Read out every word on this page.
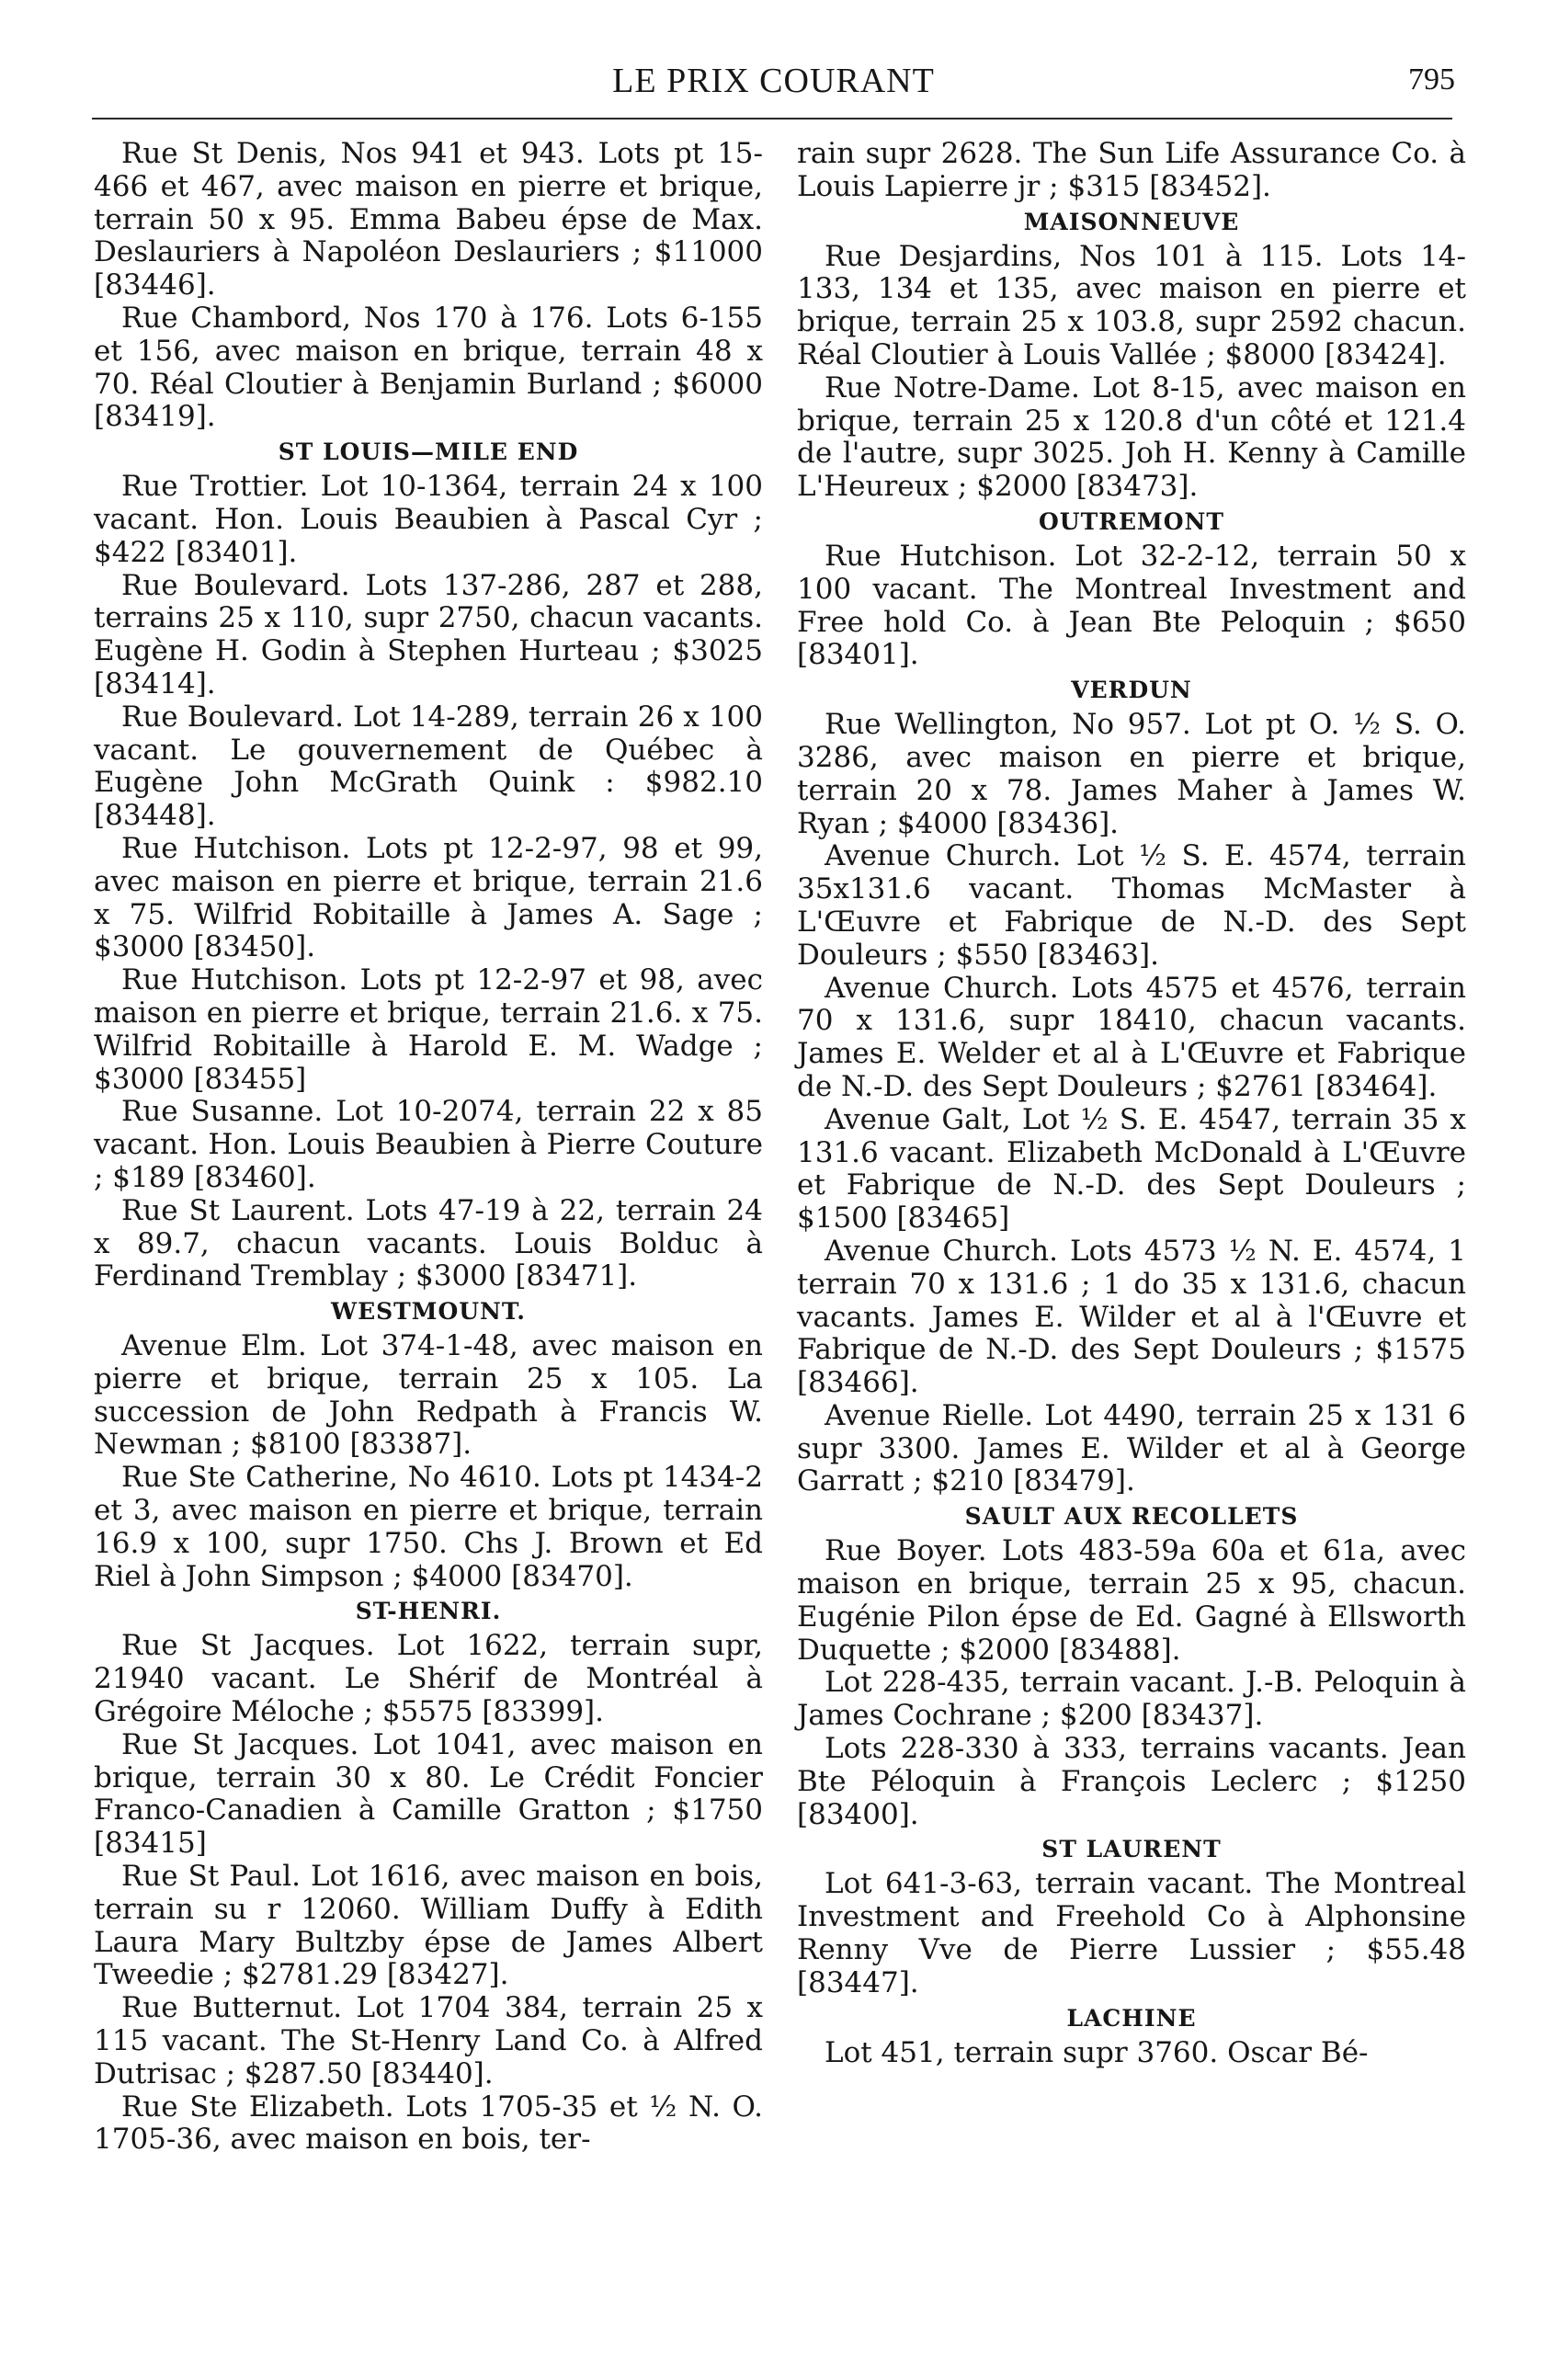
LE PRIX COURANT	795

Rue St Denis, Nos 941 et 943. Lots pt 15-466 et 467, avec maison en pierre et brique, terrain 50 x 95. Emma Babeu épse de Max. Deslauriers à Napoléon Deslauriers ; $11000 [83446].

Rue Chambord, Nos 170 à 176. Lots 6-155 et 156, avec maison en brique, terrain 48 x 70. Réal Cloutier à Benjamin Burland ; $6000 [83419].

ST LOUIS—MILE END

Rue Trottier. Lot 10-1364, terrain 24 x 100 vacant. Hon. Louis Beaubien à Pascal Cyr ; $422 [83401].

Rue Boulevard. Lots 137-286, 287 et 288, terrains 25 x 110, supr 2750, chacun vacants. Eugène H. Godin à Stephen Hurteau ; $3025 [83414].

Rue Boulevard. Lot 14-289, terrain 26 x 100 vacant. Le gouvernement de Québec à Eugène John McGrath Quink : $982.10 [83448].

Rue Hutchison. Lots pt 12-2-97, 98 et 99, avec maison en pierre et brique, terrain 21.6 x 75. Wilfrid Robitaille à James A. Sage ; $3000 [83450].

Rue Hutchison. Lots pt 12-2-97 et 98, avec maison en pierre et brique, terrain 21.6. x 75. Wilfrid Robitaille à Harold E. M. Wadge ; $3000 [83455]

Rue Susanne. Lot 10-2074, terrain 22 x 85 vacant. Hon. Louis Beaubien à Pierre Couture ; $189 [83460].

Rue St Laurent. Lots 47-19 à 22, terrain 24 x 89.7, chacun vacants. Louis Bolduc à Ferdinand Tremblay ; $3000 [83471].

WESTMOUNT.

Avenue Elm. Lot 374-1-48, avec maison en pierre et brique, terrain 25 x 105. La succession de John Redpath à Francis W. Newman ; $8100 [83387].

Rue Ste Catherine, No 4610. Lots pt 1434-2 et 3, avec maison en pierre et brique, terrain 16.9 x 100, supr 1750. Chs J. Brown et Ed Riel à John Simpson ; $4000 [83470].

ST-HENRI.

Rue St Jacques. Lot 1622, terrain supr, 21940 vacant. Le Shérif de Montréal à Grégoire Méloche ; $5575 [83399].

Rue St Jacques. Lot 1041, avec maison en brique, terrain 30 x 80. Le Crédit Foncier Franco-Canadien à Camille Gratton ; $1750 [83415]

Rue St Paul. Lot 1616, avec maison en bois, terrain su r 12060. William Duffy à Edith Laura Mary Bultzby épse de James Albert Tweedie ; $2781.29 [83427].

Rue Butternut. Lot 1704 384, terrain 25 x 115 vacant. The St-Henry Land Co. à Alfred Dutrisac ; $287.50 [83440].

Rue Ste Elizabeth. Lots 1705-35 et ½ N. O. 1705-36, avec maison en bois, ter-

rain supr 2628. The Sun Life Assurance Co. à Louis Lapierre jr ; $315 [83452].

MAISONNEUVE

Rue Desjardins, Nos 101 à 115. Lots 14-133, 134 et 135, avec maison en pierre et brique, terrain 25 x 103.8, supr 2592 chacun. Réal Cloutier à Louis Vallée ; $8000 [83424].

Rue Notre-Dame. Lot 8-15, avec maison en brique, terrain 25 x 120.8 d'un côté et 121.4 de l'autre, supr 3025. Joh H. Kenny à Camille L'Heureux ; $2000 [83473].

OUTREMONT

Rue Hutchison. Lot 32-2-12, terrain 50 x 100 vacant. The Montreal Investment and Free hold Co. à Jean Bte Peloquin ; $650 [83401].

VERDUN

Rue Wellington, No 957. Lot pt O. ½ S. O. 3286, avec maison en pierre et brique, terrain 20 x 78. James Maher à James W. Ryan ; $4000 [83436].

Avenue Church. Lot ½ S. E. 4574, terrain 35x131.6 vacant. Thomas McMaster à L'Œuvre et Fabrique de N.-D. des Sept Douleurs ; $550 [83463].

Avenue Church. Lots 4575 et 4576, terrain 70 x 131.6, supr 18410, chacun vacants. James E. Welder et al à L'Œuvre et Fabrique de N.-D. des Sept Douleurs ; $2761 [83464].

Avenue Galt, Lot ½ S. E. 4547, terrain 35 x 131.6 vacant. Elizabeth McDonald à L'Œuvre et Fabrique de N.-D. des Sept Douleurs ; $1500 [83465]

Avenue Church. Lots 4573 ½ N. E. 4574, 1 terrain 70 x 131.6 ; 1 do 35 x 131.6, chacun vacants. James E. Wilder et al à l'Œuvre et Fabrique de N.-D. des Sept Douleurs ; $1575 [83466].

Avenue Rielle. Lot 4490, terrain 25 x 131 6 supr 3300. James E. Wilder et al à George Garratt ; $210 [83479].

SAULT AUX RECOLLETS

Rue Boyer. Lots 483-59a 60a et 61a, avec maison en brique, terrain 25 x 95, chacun. Eugénie Pilon épse de Ed. Gagné à Ellsworth Duquette ; $2000 [83488].

Lot 228-435, terrain vacant. J.-B. Peloquin à James Cochrane ; $200 [83437].

Lots 228-330 à 333, terrains vacants. Jean Bte Péloquin à François Leclerc ; $1250 [83400].

ST LAURENT

Lot 641-3-63, terrain vacant. The Montreal Investment and Freehold Co à Alphonsine Renny Vve de Pierre Lussier ; $55.48 [83447].

LACHINE

Lot 451, terrain supr 3760. Oscar Bé-
